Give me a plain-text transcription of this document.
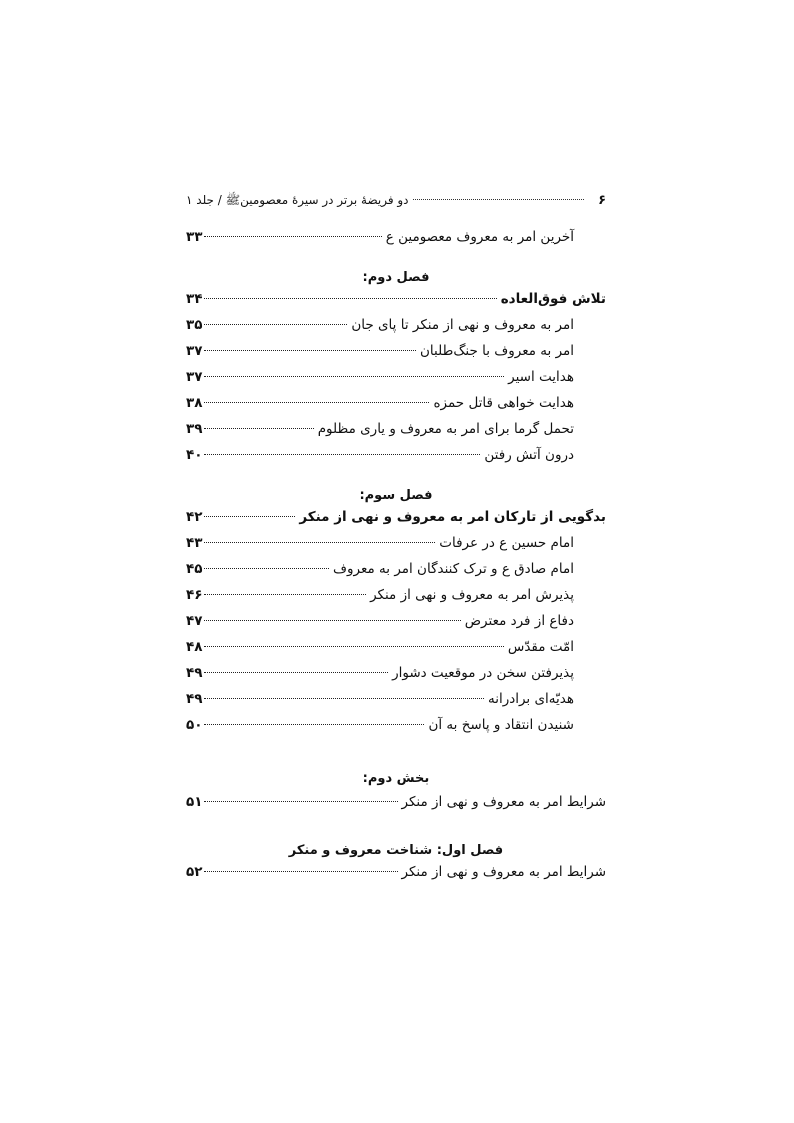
۶
دو فریضهٔ برتر در سیرهٔ معصومینﷺ / جلد ۱
آخرین امر به معروف معصومین ع
۳۳
فصل دوم:
تلاش فوق‌العاده
۳۴
امر به معروف و نهی از منکر تا پای جان
۳۵
امر به معروف با جنگ‌طلبان
۳۷
هدایت اسیر
۳۷
هدایت خواهی قاتل حمزه
۳۸
تحمل گرما برای امر به معروف و یاری مظلوم
۳۹
درون آتش رفتن
۴۰
فصل سوم:
بدگویی از تارکان امر به معروف و نهی از منکر
۴۲
امام حسین ع در عرفات
۴۳
امام صادق ع و ترک کنندگان امر به معروف
۴۵
پذیرش امر به معروف و نهی از منکر
۴۶
دفاع از فرد معترض
۴۷
امّت مقدّس
۴۸
پذیرفتن سخن در موقعیت دشوار
۴۹
هدیّه‌ای برادرانه
۴۹
شنیدن انتقاد و پاسخ به آن
۵۰
بخش دوم:
شرایط امر به معروف و نهی از منکر
۵۱
فصل اول: شناخت معروف و منکر
شرایط امر به معروف و نهی از منکر
۵۲
